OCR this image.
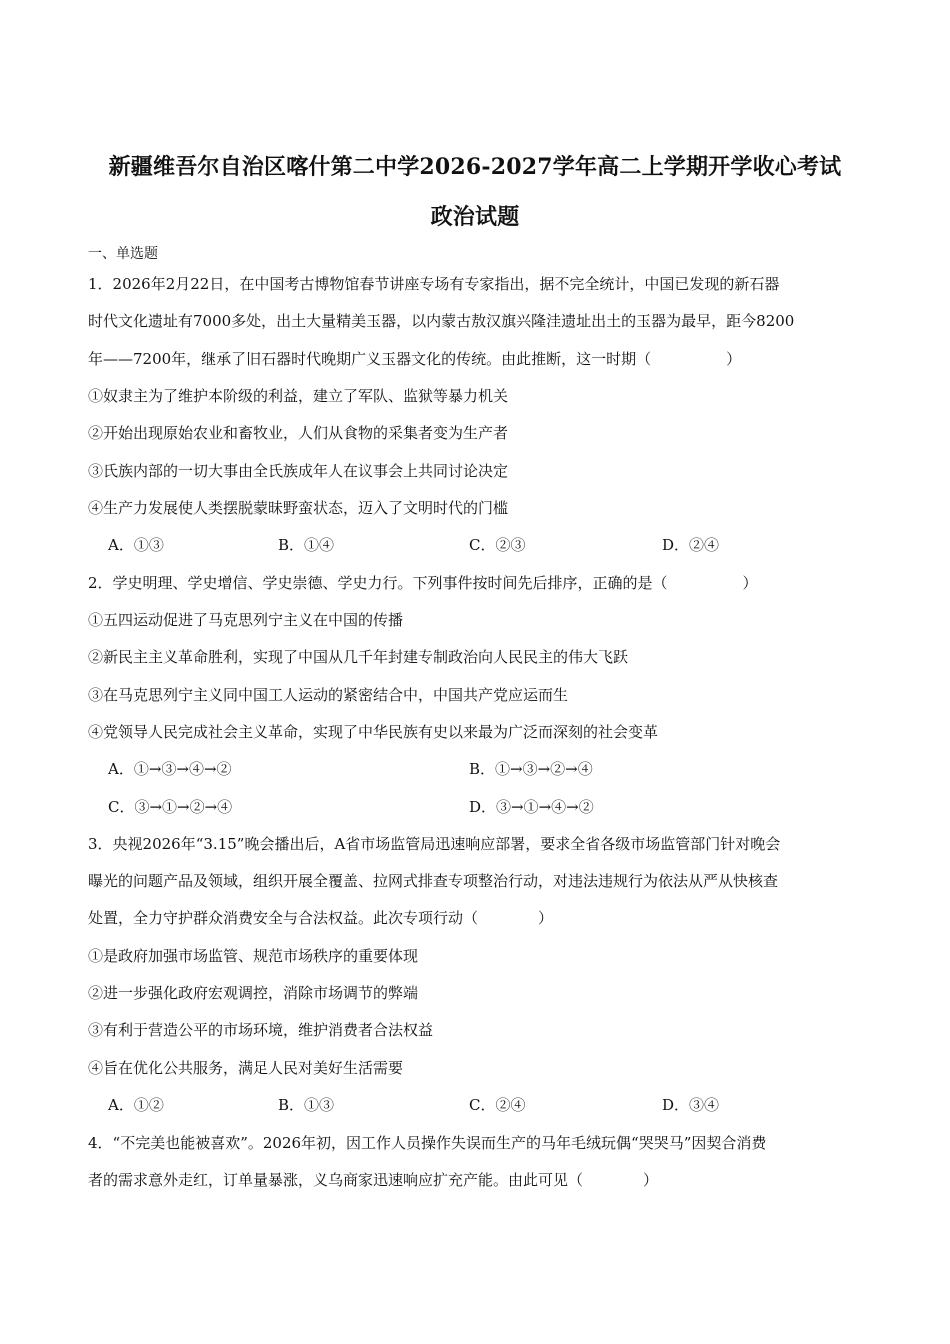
新疆维吾尔自治区喀什第二中学2026-2027学年高二上学期开学收心考试
政治试题
一、单选题
1．2026年2月22日，在中国考古博物馆春节讲座专场有专家指出，据不完全统计，中国已发现的新石器
时代文化遗址有7000多处，出土大量精美玉器，以内蒙古敖汉旗兴隆洼遗址出土的玉器为最早，距今8200
年——7200年，继承了旧石器时代晚期广义玉器文化的传统。由此推断，这一时期（　　　　　）
①奴隶主为了维护本阶级的利益，建立了军队、监狱等暴力机关
②开始出现原始农业和畜牧业，人们从食物的采集者变为生产者
③氏族内部的一切大事由全氏族成年人在议事会上共同讨论决定
④生产力发展使人类摆脱蒙昧野蛮状态，迈入了文明时代的门槛
A．①③	B．①④	C．②③	D．②④
2．学史明理、学史增信、学史崇德、学史力行。下列事件按时间先后排序，正确的是（　　　　　）
①五四运动促进了马克思列宁主义在中国的传播
②新民主主义革命胜利，实现了中国从几千年封建专制政治向人民民主的伟大飞跃
③在马克思列宁主义同中国工人运动的紧密结合中，中国共产党应运而生
④党领导人民完成社会主义革命，实现了中华民族有史以来最为广泛而深刻的社会变革
A．①→③→④→②	B．①→③→②→④
C．③→①→②→④	D．③→①→④→②
3．央视2026年“3.15”晚会播出后，A省市场监管局迅速响应部署，要求全省各级市场监管部门针对晚会
曝光的问题产品及领域，组织开展全覆盖、拉网式排查专项整治行动，对违法违规行为依法从严从快核查
处置，全力守护群众消费安全与合法权益。此次专项行动（　　　　）
①是政府加强市场监管、规范市场秩序的重要体现
②进一步强化政府宏观调控，消除市场调节的弊端
③有利于营造公平的市场环境，维护消费者合法权益
④旨在优化公共服务，满足人民对美好生活需要
A．①②	B．①③	C．②④	D．③④
4．“不完美也能被喜欢”。2026年初，因工作人员操作失误而生产的马年毛绒玩偶“哭哭马”因契合消费
者的需求意外走红，订单量暴涨，义乌商家迅速响应扩充产能。由此可见（　　　　）
